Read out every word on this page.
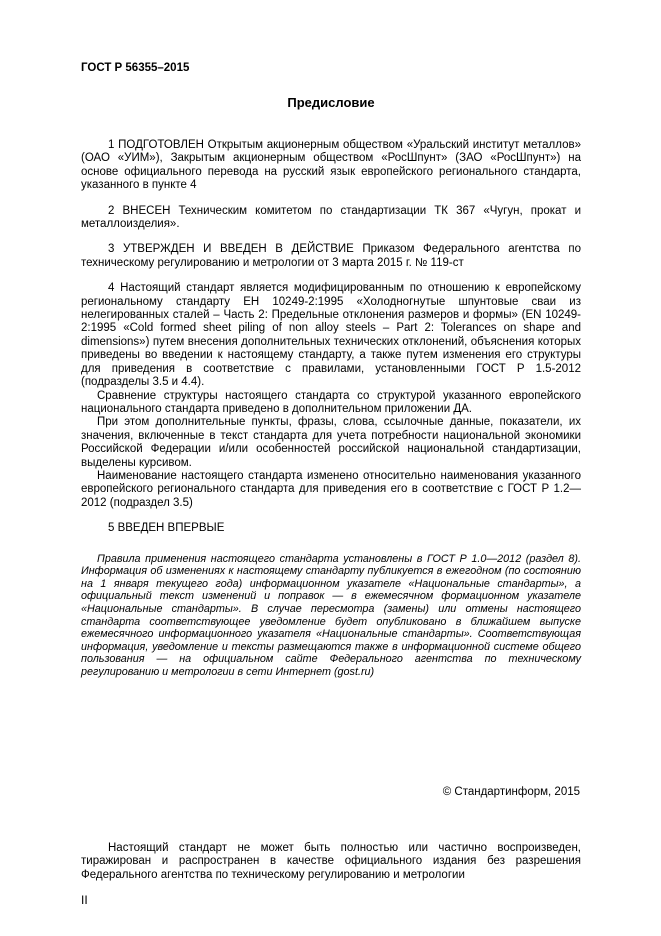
ГОСТ Р 56355–2015
Предисловие

1 ПОДГОТОВЛЕН Открытым акционерным обществом «Уральский институт металлов» (ОАО «УИМ»), Закрытым акционерным обществом «РосШпунт» (ЗАО «РосШпунт») на основе официального перевода на русский язык европейского регионального стандарта, указанного в пункте 4

2 ВНЕСЕН Техническим комитетом по стандартизации ТК 367 «Чугун, прокат и металлоизделия».

3 УТВЕРЖДЕН И ВВЕДЕН В ДЕЙСТВИЕ Приказом Федерального агентства по техническому регулированию и метрологии от 3 марта 2015 г. № 119-ст

4 Настоящий стандарт является модифицированным по отношению к европейскому региональному стандарту ЕН 10249-2:1995 «Холодногнутые шпунтовые сваи из нелегированных сталей – Часть 2: Предельные отклонения размеров и формы» (EN 10249-2:1995 «Cold formed sheet piling of non alloy steels – Part 2: Tolerances on shape and dimensions») путем внесения дополнительных технических отклонений, объяснения которых приведены во введении к настоящему стандарту, а также путем изменения его структуры для приведения в соответствие с правилами, установленными ГОСТ Р 1.5-2012 (подразделы 3.5 и 4.4).

Сравнение структуры настоящего стандарта со структурой указанного европейского национального стандарта приведено в дополнительном приложении ДА.

При этом дополнительные пункты, фразы, слова, ссылочные данные, показатели, их значения, включенные в текст стандарта для учета потребности национальной экономики Российской Федерации и/или особенностей российской национальной стандартизации, выделены курсивом.

Наименование настоящего стандарта изменено относительно наименования указанного европейского регионального стандарта для приведения его в соответствие с ГОСТ Р 1.2—2012 (подраздел 3.5)

5 ВВЕДЕН ВПЕРВЫЕ

Правила применения настоящего стандарта установлены в ГОСТ Р 1.0—2012 (раздел 8). Информация об изменениях к настоящему стандарту публикуется в ежегодном (по состоянию на 1 января текущего года) информационном указателе «Национальные стандарты», а официальный текст изменений и поправок — в ежемесячном формационном указателе «Национальные стандарты». В случае пересмотра (замены) или отмены настоящего стандарта соответствующее уведомление будет опубликовано в ближайшем выпуске ежемесячного информационного указателя «Национальные стандарты». Соответствующая информация, уведомление и тексты размещаются также в информационной системе общего пользования — на официальном сайте Федерального агентства по техническому регулированию и метрологии в сети Интернет (gost.ru)

© Стандартинформ, 2015

Настоящий стандарт не может быть полностью или частично воспроизведен, тиражирован и распространен в качестве официального издания без разрешения Федерального агентства по техническому регулированию и метрологии

II
